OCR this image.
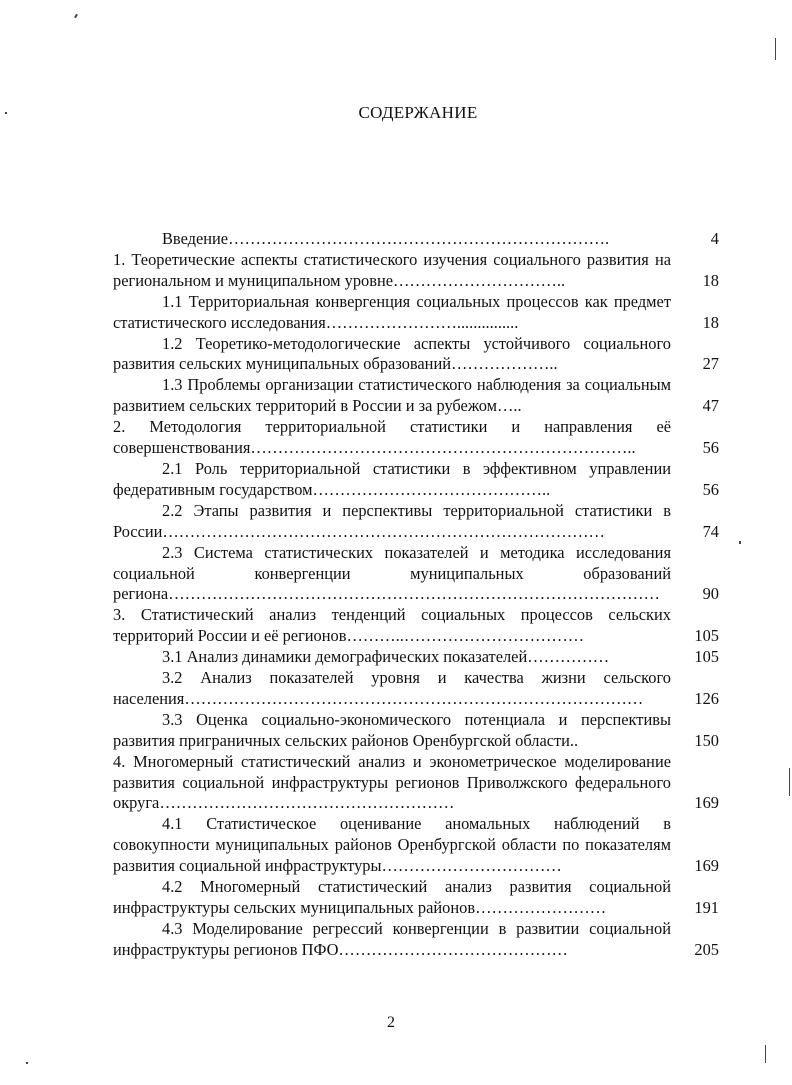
СОДЕРЖАНИЕ
Введение…………………………………………………………….	4
1. Теоретические аспекты статистического изучения социального развития на региональном и муниципальном уровне…………………………..	18
1.1 Территориальная конвергенция социальных процессов как предмет статистического исследования……………………...............	18
1.2 Теоретико-методологические аспекты устойчивого социального развития сельских муниципальных образований………………..	27
1.3 Проблемы организации статистического наблюдения за социальным развитием сельских территорий в России и за рубежом…..	47
2. Методология территориальной статистики и направления её совершенствования……………………………………………………………..	56
2.1 Роль территориальной статистики в эффективном управлении федеративным государством……………………………………..	56
2.2 Этапы развития и перспективы территориальной статистики в России………………………………………………………………………	74
2.3 Система статистических показателей и методика исследования социальной конвергенции муниципальных образований региона………………………………………………………………………………	90
3. Статистический анализ тенденций социальных процессов сельских территорий России и её регионов………..……………………………	105
3.1 Анализ динамики демографических показателей……………	105
3.2 Анализ показателей уровня и качества жизни сельского населения…………………………………………………………………………	126
3.3 Оценка социально-экономического потенциала и перспективы развития приграничных сельских районов Оренбургской области..	150
4. Многомерный статистический анализ и эконометрическое моделирование развития социальной инфраструктуры регионов Приволжского федерального округа………………………………………………	169
4.1 Статистическое оценивание аномальных наблюдений в совокупности муниципальных районов Оренбургской области по показателям развития социальной инфраструктуры……………………………	169
4.2 Многомерный статистический анализ развития социальной инфраструктуры сельских муниципальных районов……………………	191
4.3 Моделирование регрессий конвергенции в развитии социальной инфраструктуры регионов ПФО……………………………………	205
2
